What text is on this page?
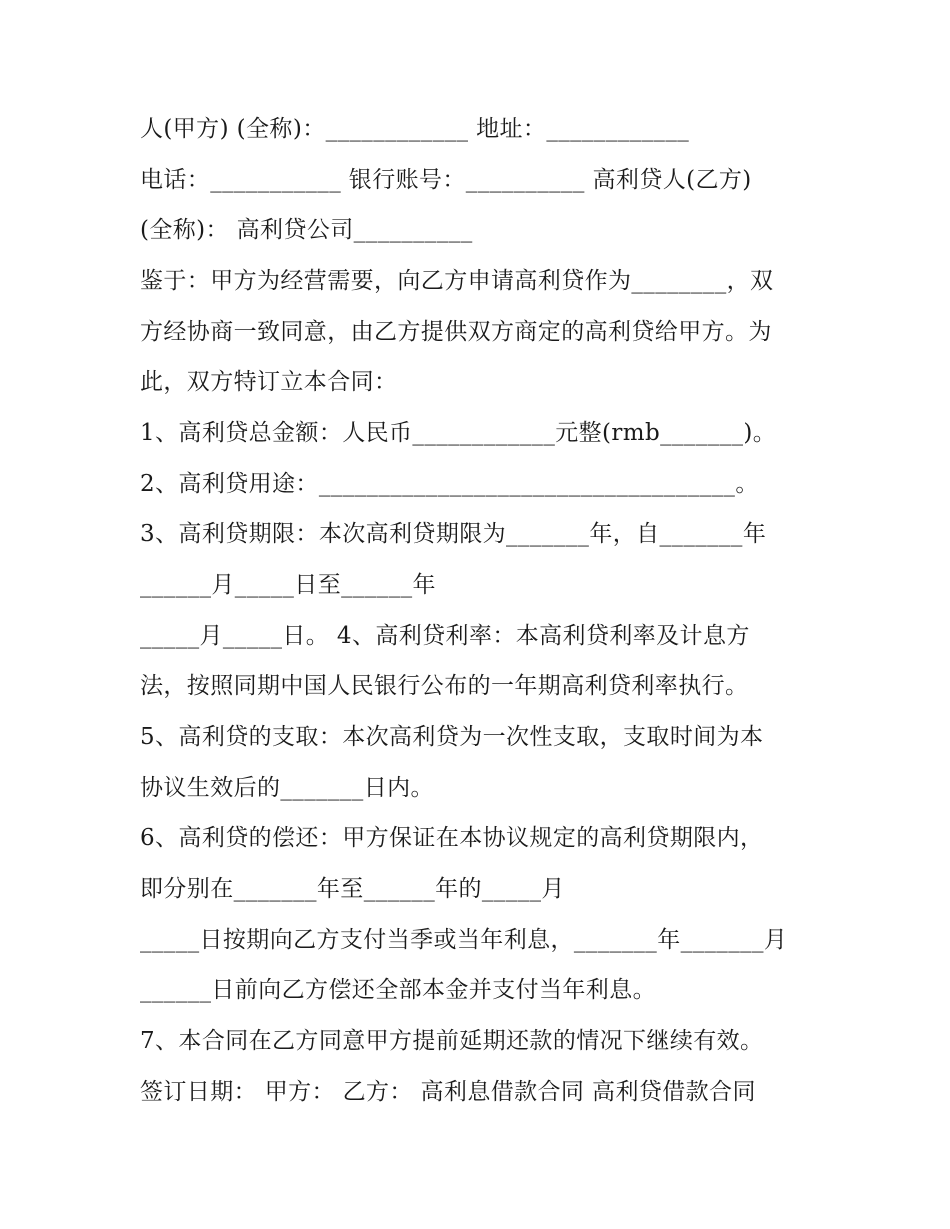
人(甲方) (全称)：____________ 地址：____________

电话：___________ 银行账号：__________ 高利贷人(乙方)

(全称)： 高利贷公司__________

鉴于：甲方为经营需要，向乙方申请高利贷作为________，双

方经协商一致同意，由乙方提供双方商定的高利贷给甲方。为

此，双方特订立本合同：

1、高利贷总金额：人民币____________元整(rmb_______)。

2、高利贷用途：___________________________________。

3、高利贷期限：本次高利贷期限为_______年，自_______年

______月_____日至______年

_____月_____日。 4、高利贷利率：本高利贷利率及计息方

法，按照同期中国人民银行公布的一年期高利贷利率执行。

5、高利贷的支取：本次高利贷为一次性支取，支取时间为本

协议生效后的_______日内。

6、高利贷的偿还：甲方保证在本协议规定的高利贷期限内，

即分别在_______年至______年的_____月

_____日按期向乙方支付当季或当年利息，_______年_______月

______日前向乙方偿还全部本金并支付当年利息。

7、本合同在乙方同意甲方提前延期还款的情况下继续有效。

签订日期： 甲方： 乙方： 高利息借款合同 高利贷借款合同
